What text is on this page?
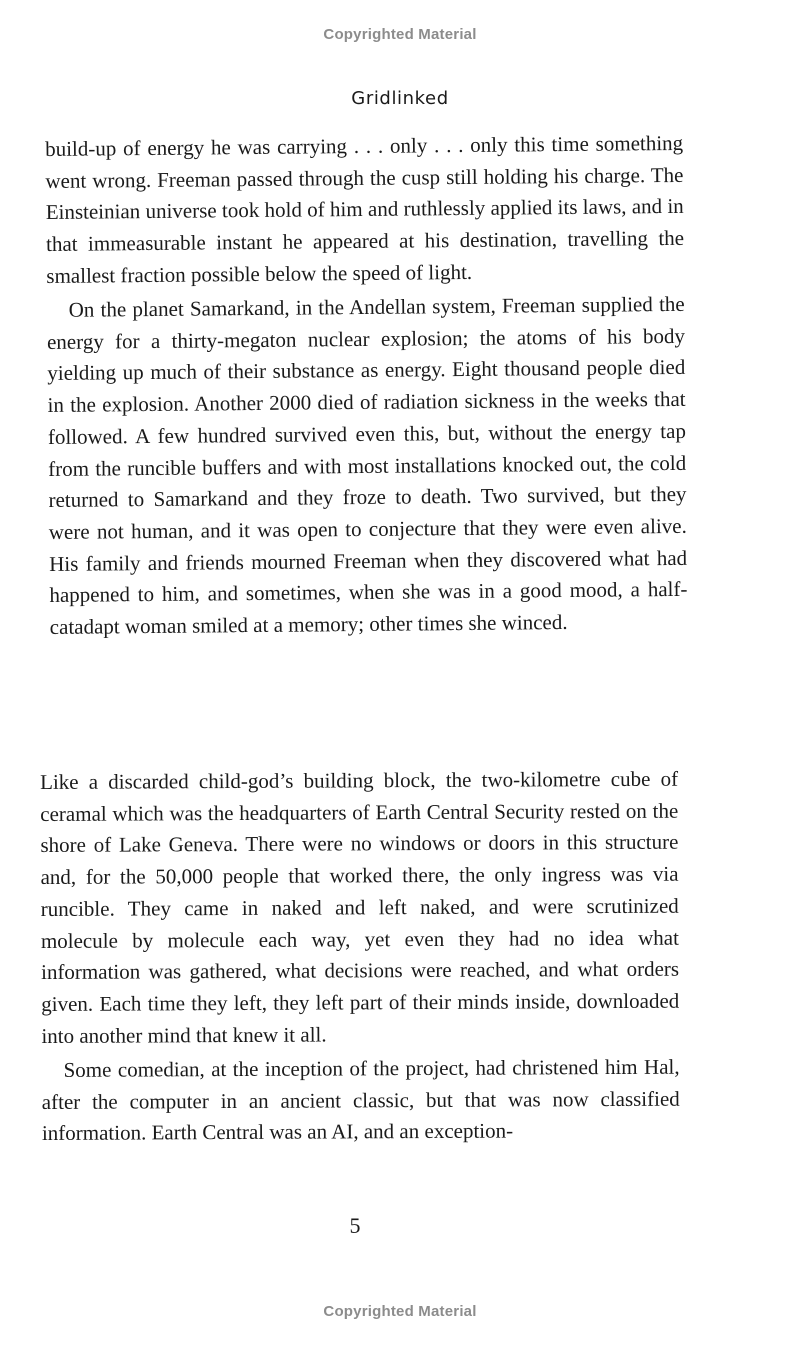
Copyrighted Material
Gridlinked

build-up of energy he was carrying . . . only . . . only this time something went wrong. Freeman passed through the cusp still holding his charge. The Einsteinian universe took hold of him and ruthlessly applied its laws, and in that immeasurable instant he appeared at his destination, travelling the smallest fraction possible below the speed of light.

On the planet Samarkand, in the Andellan system, Freeman supplied the energy for a thirty-megaton nuclear explosion; the atoms of his body yielding up much of their substance as energy. Eight thousand people died in the explosion. Another 2000 died of radiation sickness in the weeks that followed. A few hundred survived even this, but, without the energy tap from the runcible buffers and with most installations knocked out, the cold returned to Samarkand and they froze to death. Two survived, but they were not human, and it was open to conjecture that they were even alive. His family and friends mourned Freeman when they discovered what had happened to him, and sometimes, when she was in a good mood, a half-catadapt woman smiled at a memory; other times she winced.

Like a discarded child-god’s building block, the two-kilometre cube of ceramal which was the headquarters of Earth Central Security rested on the shore of Lake Geneva. There were no windows or doors in this structure and, for the 50,000 people that worked there, the only ingress was via runcible. They came in naked and left naked, and were scrutinized molecule by molecule each way, yet even they had no idea what information was gathered, what decisions were reached, and what orders given. Each time they left, they left part of their minds inside, downloaded into another mind that knew it all.

Some comedian, at the inception of the project, had christened him Hal, after the computer in an ancient classic, but that was now classified information. Earth Central was an AI, and an exception-

5
Copyrighted Material
